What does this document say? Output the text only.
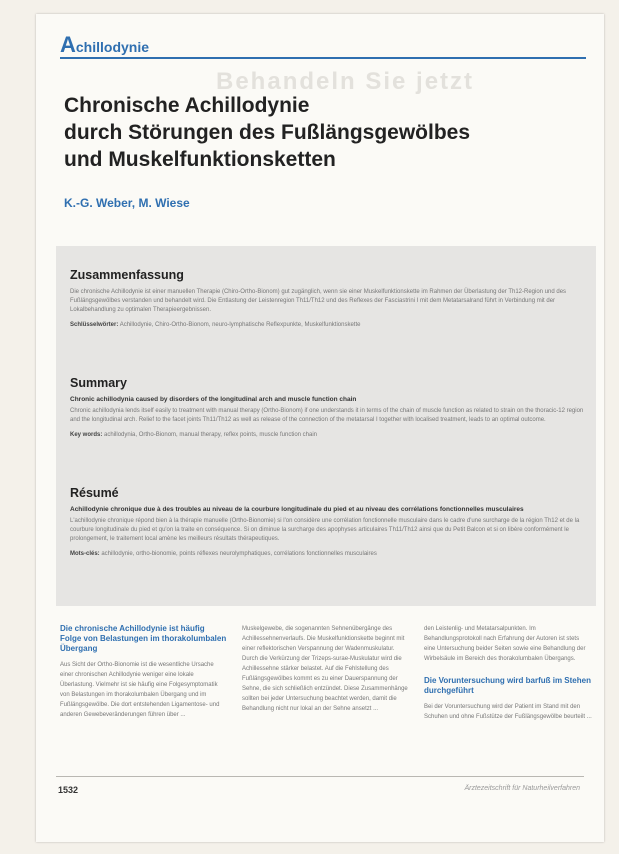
Behandeln Sie jetzt
Achillodynie
Chronische Achillodynie
durch Störungen des Fußlängsgewölbes
und Muskelfunktionsketten
K.-G. Weber, M. Wiese
Zusammenfassung
Die chronische Achillodynie ist einer manuellen Therapie (Chiro-Ortho-Bionom) gut zugänglich, wenn sie einer Muskelfunktionskette im Rahmen der Überlastung der Th12-Region und des Fußlängsgewölbes verstanden und behandelt wird. Die Entlastung der Leistenregion Th11/Th12 und des Reflexes der Fasciastrini I mit dem Metatarsalrand führt in Verbindung mit der Lokalbehandlung zu optimalen Therapieergebnissen.
Schlüsselwörter: Achillodynie, Chiro-Ortho-Bionom, neuro-lymphatische Reflexpunkte, Muskelfunktionskette
Summary
Chronic achillodynia caused by disorders of the longitudinal arch and muscle function chain
Chronic achillodynia lends itself easily to treatment with manual therapy (Ortho-Bionom) if one understands it in terms of the chain of muscle function as related to strain on the thoracic-12 region and the longitudinal arch. Relief to the facet joints Th11/Th12 as well as release of the connection of the metatarsal I together with localised treatment, leads to an optimal outcome.
Key words: achillodynia, Ortho-Bionom, manual therapy, reflex points, muscle function chain
Résumé
Achillodynie chronique due à des troubles au niveau de la courbure longitudinale du pied et au niveau des corrélations fonctionnelles musculaires
L'achillodynie chronique répond bien à la thérapie manuelle (Ortho-Bionomie) si l'on considère une corrélation fonctionnelle musculaire dans le cadre d'une surcharge de la région Th12 et de la courbure longitudinale du pied et qu'on la traite en conséquence. Si on diminue la surcharge des apophyses articulaires Th11/Th12 ainsi que du Petit Balcon et si on libère conformément le prolongement, le traitement local amène les meilleurs résultats thérapeutiques.
Mots-clés: achillodynie, ortho-bionomie, points réflexes neurolymphatiques, corrélations fonctionnelles musculaires
Die chronische Achillodynie ist häufig Folge von Belastungen im thorakolumbalen Übergang

Aus Sicht der Ortho-Bionomie ist die wesentliche Ursache einer chronischen Achillodynie weniger eine lokale Überlastung. Vielmehr ist sie häufig eine Folgesymptomatik von Belastungen im thorakolumbalen Übergang und im Fußlängsgewölbe. Die dort entstehenden Ligamentose- und anderen Gewebeveränderungen führen über ...

Muskelgewebe, die sogenannten Sehnenübergänge des Achillessehnenverlaufs. Die Muskelfunktionskette beginnt mit einer reflektorischen Verspannung der Wadenmuskulatur. Durch die Verkürzung der Trizeps-surae-Muskulatur wird die Achillessehne stärker belastet. Auf die Fehlstellung des Fußlängsgewölbes kommt es zu einer Dauerspannung der Sehne, die sich schließlich entzündet. Diese Zusammenhänge sollten bei jeder Untersuchung beachtet werden, damit die Behandlung nicht nur lokal an der Sehne ansetzt ...

den Leistenlig- und Metatarsalpunkten. Im Behandlungsprotokoll nach Erfahrung der Autoren ist stets eine Untersuchung beider Seiten sowie eine Behandlung der Wirbelsäule im Bereich des thorakolumbalen Übergangs.

Die Voruntersuchung wird barfuß im Stehen durchgeführt

Bei der Voruntersuchung wird der Patient im Stand mit den Schuhen und ohne Fußstütze der Fußlängsgewölbe beurteilt ...

1532	Ärztezeitschrift für Naturheilverfahren
